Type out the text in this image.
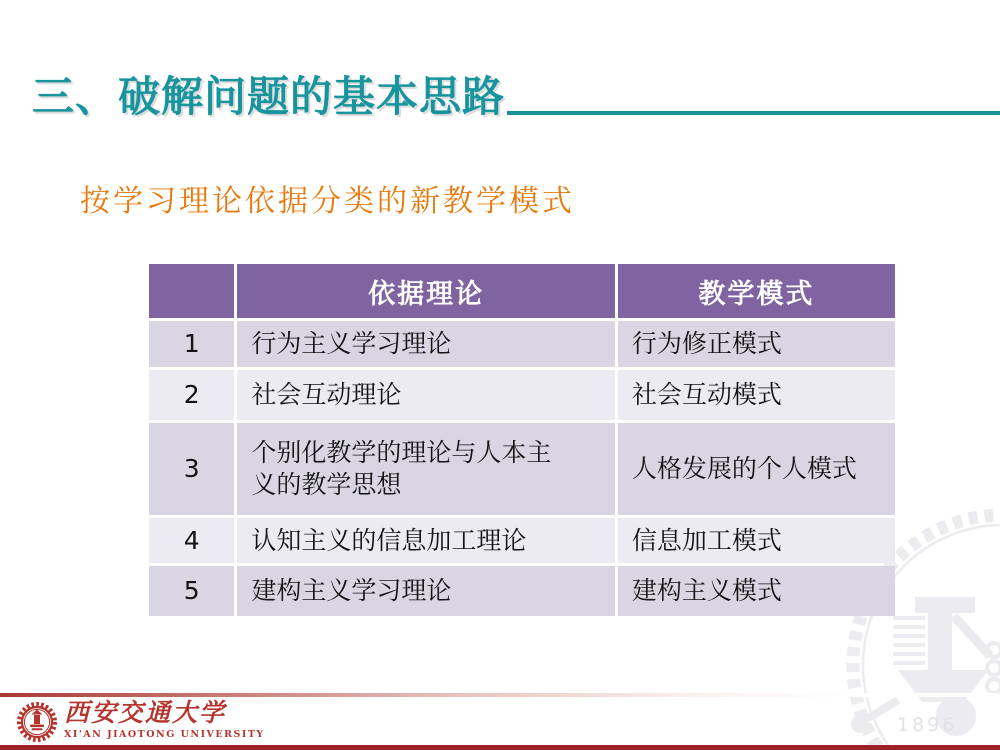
1896
三、破解问题的基本思路
按学习理论依据分类的新教学模式
	依据理论	教学模式
1	行为主义学习理论	行为修正模式
2	社会互动理论	社会互动模式
3	个别化教学的理论与人本主义的教学思想	人格发展的个人模式
4	认知主义的信息加工理论	信息加工模式
5	建构主义学习理论	建构主义模式
西安交通大学
XI'AN JIAOTONG UNIVERSITY
